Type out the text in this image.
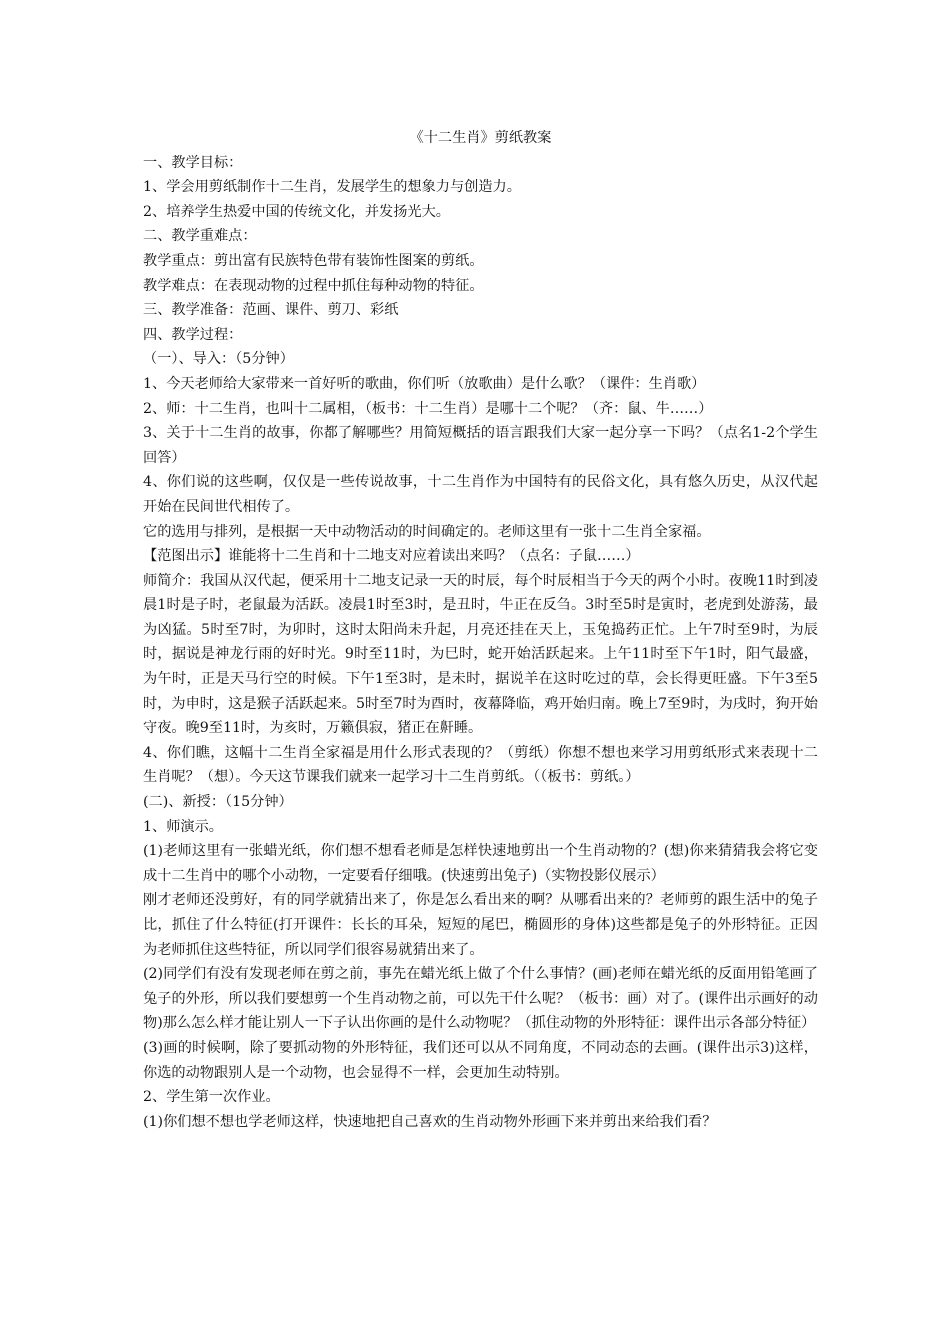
《十二生肖》剪纸教案
一、教学目标：
1、学会用剪纸制作十二生肖，发展学生的想象力与创造力。
2、培养学生热爱中国的传统文化，并发扬光大。
二、教学重难点：
教学重点：剪出富有民族特色带有装饰性图案的剪纸。
教学难点：在表现动物的过程中抓住每种动物的特征。
三、教学准备：范画、课件、剪刀、彩纸
四、教学过程：
（一）、导入：（5分钟）
1、今天老师给大家带来一首好听的歌曲，你们听（放歌曲）是什么歌？（课件：生肖歌）
2、师：十二生肖，也叫十二属相，（板书：十二生肖）是哪十二个呢？（齐：鼠、牛……）
3、关于十二生肖的故事，你都了解哪些？用简短概括的语言跟我们大家一起分享一下吗？（点名1-2个学生回答）
4、你们说的这些啊，仅仅是一些传说故事，十二生肖作为中国特有的民俗文化，具有悠久历史，从汉代起开始在民间世代相传了。
它的选用与排列，是根据一天中动物活动的时间确定的。老师这里有一张十二生肖全家福。
【范图出示】谁能将十二生肖和十二地支对应着读出来吗？（点名：子鼠……）
师简介：我国从汉代起，便采用十二地支记录一天的时辰，每个时辰相当于今天的两个小时。夜晚11时到凌晨1时是子时，老鼠最为活跃。凌晨1时至3时，是丑时，牛正在反刍。3时至5时是寅时，老虎到处游荡，最为凶猛。5时至7时，为卯时，这时太阳尚未升起，月亮还挂在天上，玉兔捣药正忙。上午7时至9时，为辰时，据说是神龙行雨的好时光。9时至11时，为巳时，蛇开始活跃起来。上午11时至下午1时，阳气最盛，为午时，正是天马行空的时候。下午1至3时，是未时，据说羊在这时吃过的草，会长得更旺盛。下午3至5时，为申时，这是猴子活跃起来。5时至7时为酉时，夜幕降临，鸡开始归南。晚上7至9时，为戌时，狗开始守夜。晚9至11时，为亥时，万籁俱寂，猪正在鼾睡。
4、你们瞧，这幅十二生肖全家福是用什么形式表现的？（剪纸）你想不想也来学习用剪纸形式来表现十二生肖呢？（想）。今天这节课我们就来一起学习十二生肖剪纸。（（板书：剪纸。）
(二)、新授：（15分钟）
1、师演示。
(1)老师这里有一张蜡光纸，你们想不想看老师是怎样快速地剪出一个生肖动物的？(想)你来猜猜我会将它变成十二生肖中的哪个小动物，一定要看仔细哦。(快速剪出兔子)（实物投影仪展示）
刚才老师还没剪好，有的同学就猜出来了，你是怎么看出来的啊？从哪看出来的？老师剪的跟生活中的兔子比，抓住了什么特征(打开课件：长长的耳朵，短短的尾巴，椭圆形的身体)这些都是兔子的外形特征。正因为老师抓住这些特征，所以同学们很容易就猜出来了。
(2)同学们有没有发现老师在剪之前，事先在蜡光纸上做了个什么事情？(画)老师在蜡光纸的反面用铅笔画了兔子的外形，所以我们要想剪一个生肖动物之前，可以先干什么呢？（板书：画）对了。(课件出示画好的动物)那么怎么样才能让别人一下子认出你画的是什么动物呢？（抓住动物的外形特征：课件出示各部分特征）
(3)画的时候啊，除了要抓动物的外形特征，我们还可以从不同角度，不同动态的去画。(课件出示3)这样，你选的动物跟别人是一个动物，也会显得不一样，会更加生动特别。
2、学生第一次作业。
(1)你们想不想也学老师这样，快速地把自己喜欢的生肖动物外形画下来并剪出来给我们看？
